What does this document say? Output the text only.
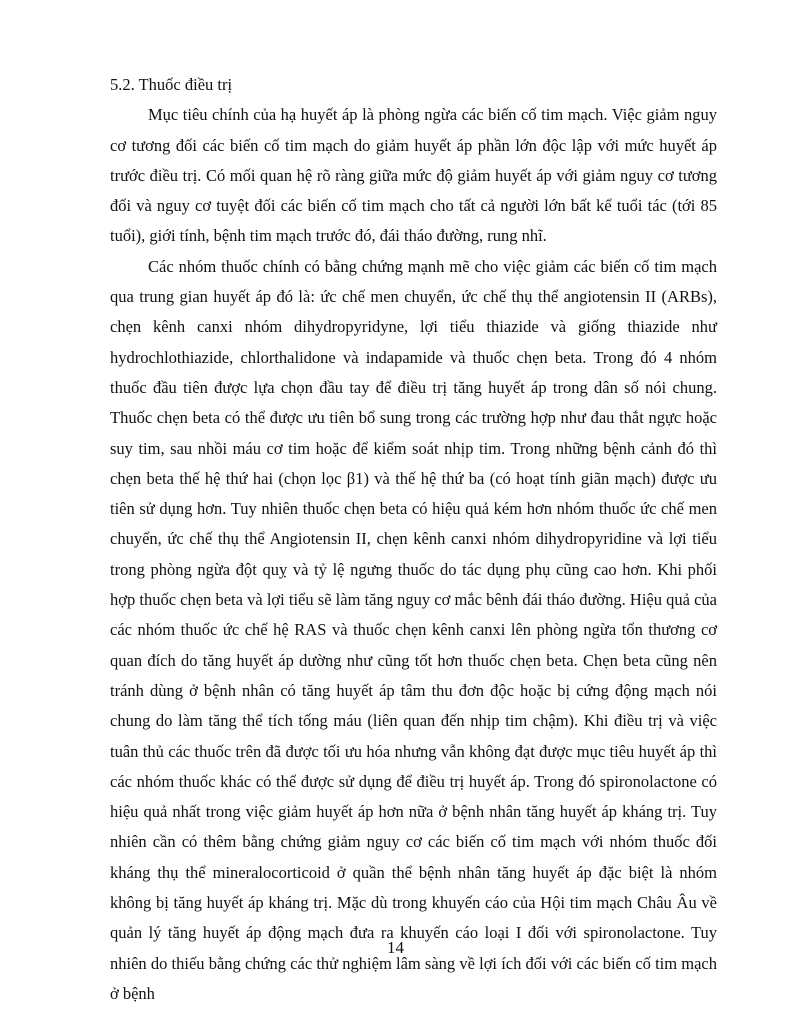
5.2. Thuốc điều trị

Mục tiêu chính của hạ huyết áp là phòng ngừa các biến cố tim mạch. Việc giảm nguy cơ tương đối các biến cố tim mạch do giảm huyết áp phần lớn độc lập với mức huyết áp trước điều trị. Có mối quan hệ rõ ràng giữa mức độ giảm huyết áp với giảm nguy cơ tương đối và nguy cơ tuyệt đối các biến cố tim mạch cho tất cả người lớn bất kể tuổi tác (tới 85 tuổi), giới tính, bệnh tim mạch trước đó, đái tháo đường, rung nhĩ.

Các nhóm thuốc chính có bằng chứng mạnh mẽ cho việc giảm các biến cố tim mạch qua trung gian huyết áp đó là: ức chế men chuyển, ức chế thụ thể angiotensin II (ARBs), chẹn kênh canxi nhóm dihydropyridyne, lợi tiểu thiazide và giống thiazide như hydrochlothiazide, chlorthalidone và indapamide và thuốc chẹn beta. Trong đó 4 nhóm thuốc đầu tiên được lựa chọn đầu tay để điều trị tăng huyết áp trong dân số nói chung. Thuốc chẹn beta có thể được ưu tiên bổ sung trong các trường hợp như đau thắt ngực hoặc suy tim, sau nhồi máu cơ tim hoặc để kiểm soát nhịp tim. Trong những bệnh cảnh đó thì chẹn beta thế hệ thứ hai (chọn lọc β1) và thế hệ thứ ba (có hoạt tính giãn mạch) được ưu tiên sử dụng hơn. Tuy nhiên thuốc chẹn beta có hiệu quả kém hơn nhóm thuốc ức chế men chuyển, ức chế thụ thể Angiotensin II, chẹn kênh canxi nhóm dihydropyridine và lợi tiểu trong phòng ngừa đột quỵ và tỷ lệ ngưng thuốc do tác dụng phụ cũng cao hơn. Khi phối hợp thuốc chẹn beta và lợi tiểu sẽ làm tăng nguy cơ mắc bênh đái tháo đường. Hiệu quả của các nhóm thuốc ức chế hệ RAS và thuốc chẹn kênh canxi lên phòng ngừa tổn thương cơ quan đích do tăng huyết áp dường như cũng tốt hơn thuốc chẹn beta. Chẹn beta cũng nên tránh dùng ở bệnh nhân có tăng huyết áp tâm thu đơn độc hoặc bị cứng động mạch nói chung do làm tăng thể tích tống máu (liên quan đến nhịp tim chậm). Khi điều trị và việc tuân thủ các thuốc trên đã được tối ưu hóa nhưng vẫn không đạt được mục tiêu huyết áp thì các nhóm thuốc khác có thể được sử dụng để điều trị huyết áp. Trong đó spironolactone có hiệu quả nhất trong việc giảm huyết áp hơn nữa ở bệnh nhân tăng huyết áp kháng trị. Tuy nhiên cần có thêm bằng chứng giảm nguy cơ các biến cố tim mạch với nhóm thuốc đối kháng thụ thể mineralocorticoid ở quần thể bệnh nhân tăng huyết áp đặc biệt là nhóm không bị tăng huyết áp kháng trị. Mặc dù trong khuyến cáo của Hội tim mạch Châu Âu về quản lý tăng huyết áp động mạch đưa ra khuyến cáo loại I đối với spironolactone. Tuy nhiên do thiếu bằng chứng các thử nghiệm lâm sàng về lợi ích đối với các biến cố tim mạch ở bệnh

14
